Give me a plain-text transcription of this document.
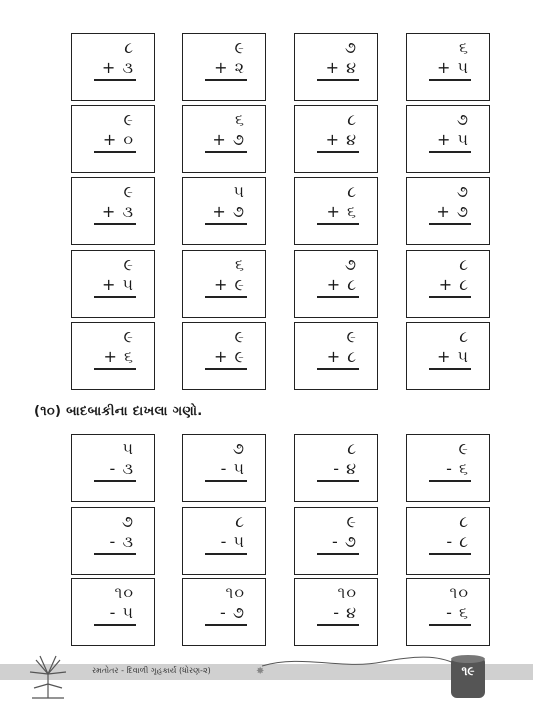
૮
+ ૩
૯
+ ૨
૭
+ ૪
૬
+ ૫
૯
+ ૦
૬
+ ૭
૮
+ ૪
૭
+ ૫
૯
+ ૩
૫
+ ૭
૮
+ ૬
૭
+ ૭
૯
+ ૫
૬
+ ૯
૭
+ ૮
૮
+ ૮
૯
+ ૬
૯
+ ૯
૯
+ ૮
૮
+ ૫
૫
- ૩
૭
- ૫
૮
- ૪
૯
- ૬
૭
- ૩
૮
- ૫
૯
- ૭
૮
- ૮
૧૦
- ૫
૧૦
- ૭
૧૦
- ૪
૧૦
- ૬
(૧૦) બાદબાકીના દાખલા ગણો.
રમતોતર - દિવાળી ગૃહકાર્ય (ધોરણ-૨)	✸	૧૯
